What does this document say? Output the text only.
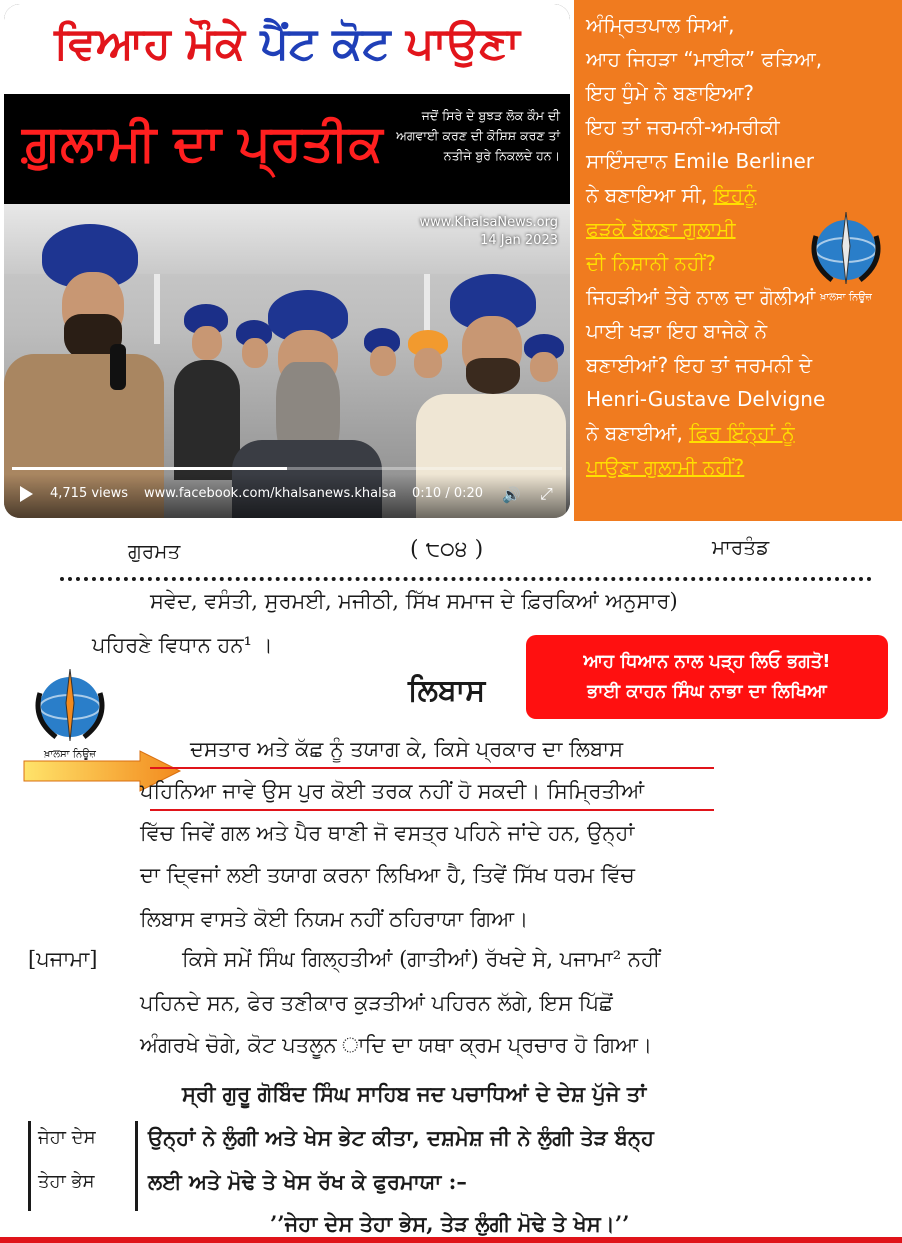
ਵਿਆਹ ਮੌਕੇ ਪੈਂਟ ਕੋਟ ਪਾਉਣਾ
ਗ਼ੁਲਾਮੀ ਦਾ ਪ੍ਰਤੀਕ	ਜਦੋਂ ਸਿਰੇ ਦੇ ਬੁਝੜ ਲੋਕ ਕੌਮ ਦੀ ਅਗਵਾਈ ਕਰਣ ਦੀ ਕੋਸ਼ਿਸ਼ ਕਰਣ ਤਾਂ ਨਤੀਜੇ ਬੁਰੇ ਨਿਕਲਦੇ ਹਨ।
www.KhalsaNews.org
14 Jan 2023
4,715 views www.facebook.com/khalsanews.khalsa 0:10 / 0:20 🔊 ⤢
ਅੰਮ੍ਰਿਤਪਾਲ ਸਿਆਂ,
ਆਹ ਜਿਹੜਾ “ਮਾਈਕ” ਫੜਿਆ,
ਇਹ ਧੁੰਮੇ ਨੇ ਬਣਾਇਆ?
ਇਹ ਤਾਂ ਜਰਮਨੀ-ਅਮਰੀਕੀ
ਸਾਇੰਸਦਾਨ Emile Berliner
ਨੇ ਬਣਾਇਆ ਸੀ, ਇਹਨੂੰ
ਫੜਕੇ ਬੋਲਣਾ ਗੁਲਾਮੀ
ਦੀ ਨਿਸ਼ਾਨੀ ਨਹੀਂ?
ਜਿਹੜੀਆਂ ਤੇਰੇ ਨਾਲ ਦਾ ਗੋਲੀਆਂ
ਪਾਈ ਖੜਾ ਇਹ ਬਾਜੇਕੇ ਨੇ
ਬਣਾਈਆਂ? ਇਹ ਤਾਂ ਜਰਮਨੀ ਦੇ
Henri-Gustave Delvigne
ਨੇ ਬਣਾਈਆਂ, ਫਿਰ ਇੰਨ੍ਹਾਂ ਨੂੰ
ਪਾਉਣਾ ਗੁਲਾਮੀ ਨਹੀਂ?
ਖ਼ਾਲਸਾ ਨਿਊਜ਼
ਗੁਰਮਤ	( ੮੦੪ )	ਮਾਰਤੰਡ
ਸਵੇਦ, ਵਸੰਤੀ, ਸੁਰਮਈ, ਮਜੀਠੀ, ਸਿੱਖ ਸਮਾਜ ਦੇ ਫ਼ਿਰਕਿਆਂ ਅਨੁਸਾਰ)
ਪਹਿਰਣੇ ਵਿਧਾਨ ਹਨ¹ ।
ਲਿਬਾਸ
ਆਹ ਧਿਆਨ ਨਾਲ ਪੜ੍ਹ ਲਿਓ ਭਗਤੋ!
ਭਾਈ ਕਾਹਨ ਸਿੰਘ ਨਾਭਾ ਦਾ ਲਿਖਿਆ
ਖ਼ਾਲਸਾ ਨਿਊਜ਼	ਦਸਤਾਰ ਅਤੇ ਕੱਛ ਨੂੰ ਤਯਾਗ ਕੇ, ਕਿਸੇ ਪ੍ਰਕਾਰ ਦਾ ਲਿਬਾਸ
ਪਹਿਨਿਆ ਜਾਵੇ ਉਸ ਪੁਰ ਕੋਈ ਤਰਕ ਨਹੀਂ ਹੋ ਸਕਦੀ। ਸਿਮ੍ਰਿਤੀਆਂ
ਵਿੱਚ ਜਿਵੇਂ ਗਲ ਅਤੇ ਪੈਰ ਥਾਣੀ ਜੋ ਵਸਤ੍ਰ ਪਹਿਨੇ ਜਾਂਦੇ ਹਨ, ਉਨ੍ਹਾਂ
ਦਾ ਦ੍ਵਿਜਾਂ ਲਈ ਤਯਾਗ ਕਰਨਾ ਲਿਖਿਆ ਹੈ, ਤਿਵੇਂ ਸਿੱਖ ਧਰਮ ਵਿੱਚ
ਲਿਬਾਸ ਵਾਸਤੇ ਕੋਈ ਨਿਯਮ ਨਹੀਂ ਠਹਿਰਾਯਾ ਗਿਆ।
[ਪਜਾਮਾ]	ਕਿਸੇ ਸਮੇਂ ਸਿੰਘ ਗਿਲ੍ਹਤੀਆਂ (ਗਾਤੀਆਂ) ਰੱਖਦੇ ਸੇ, ਪਜਾਮਾ² ਨਹੀਂ
ਪਹਿਨਦੇ ਸਨ, ਫੇਰ ਤਣੀਕਾਰ ਕੁੜਤੀਆਂ ਪਹਿਰਨ ਲੱਗੇ, ਇਸ ਪਿੱਛੋਂ
ਅੰਗਰਖੇ ਚੋਗੇ, ਕੋਟ ਪਤਲੂਨ ਾਦਿ ਦਾ ਯਥਾ ਕ੍ਰਮ ਪ੍ਰਚਾਰ ਹੋ ਗਿਆ।
ਸ੍ਰੀ ਗੁਰੂ ਗੋਬਿੰਦ ਸਿੰਘ ਸਾਹਿਬ ਜਦ ਪਚਾਧਿਆਂ ਦੇ ਦੇਸ਼ ਪੁੱਜੇ ਤਾਂ
ਜੇਹਾ ਦੇਸ
ਤੇਹਾ ਭੇਸ
ਉਨ੍ਹਾਂ ਨੇ ਲੁੰਗੀ ਅਤੇ ਖੇਸ ਭੇਟ ਕੀਤਾ, ਦਸ਼ਮੇਸ਼ ਜੀ ਨੇ ਲੁੰਗੀ ਤੇੜ ਬੰਨ੍ਹ
ਲਈ ਅਤੇ ਮੋਢੇ ਤੇ ਖੇਸ ਰੱਖ ਕੇ ਫੁਰਮਾਯਾ :–
’’ਜੇਹਾ ਦੇਸ ਤੇਹਾ ਭੇਸ, ਤੇੜ ਲੁੰਗੀ ਮੋਢੇ ਤੇ ਖੇਸ।’’
